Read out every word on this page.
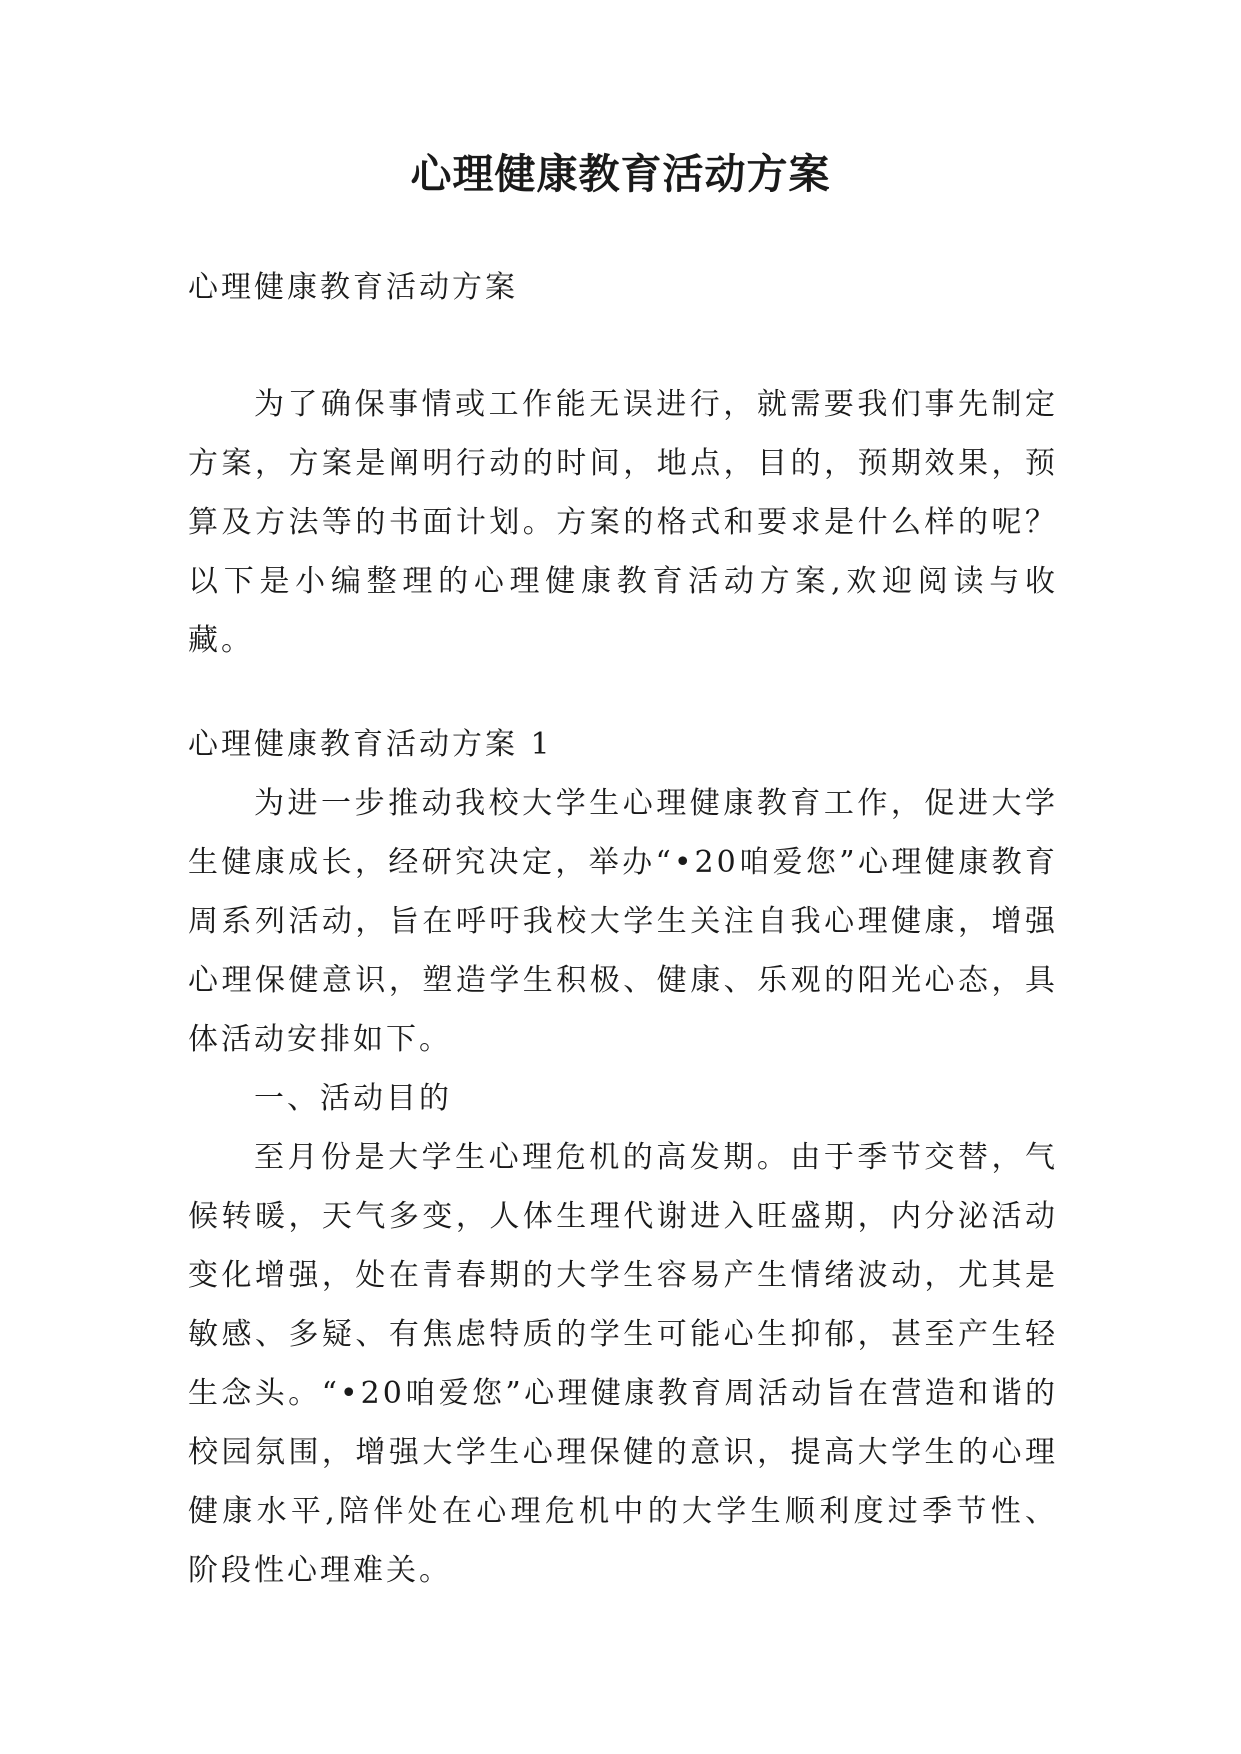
心理健康教育活动方案

心理健康教育活动方案

为了确保事情或工作能无误进行，就需要我们事先制定方案，方案是阐明行动的时间，地点，目的，预期效果，预算及方法等的书面计划。方案的格式和要求是什么样的呢？以下是小编整理的心理健康教育活动方案,欢迎阅读与收藏。

心理健康教育活动方案 1

为进一步推动我校大学生心理健康教育工作，促进大学生健康成长，经研究决定，举办“•20咱爱您”心理健康教育周系列活动，旨在呼吁我校大学生关注自我心理健康，增强心理保健意识，塑造学生积极、健康、乐观的阳光心态，具体活动安排如下。

一、活动目的

至月份是大学生心理危机的高发期。由于季节交替，气候转暖，天气多变，人体生理代谢进入旺盛期，内分泌活动变化增强，处在青春期的大学生容易产生情绪波动，尤其是敏感、多疑、有焦虑特质的学生可能心生抑郁，甚至产生轻生念头。“•20咱爱您”心理健康教育周活动旨在营造和谐的校园氛围，增强大学生心理保健的意识，提高大学生的心理健康水平,陪伴处在心理危机中的大学生顺利度过季节性、阶段性心理难关。
